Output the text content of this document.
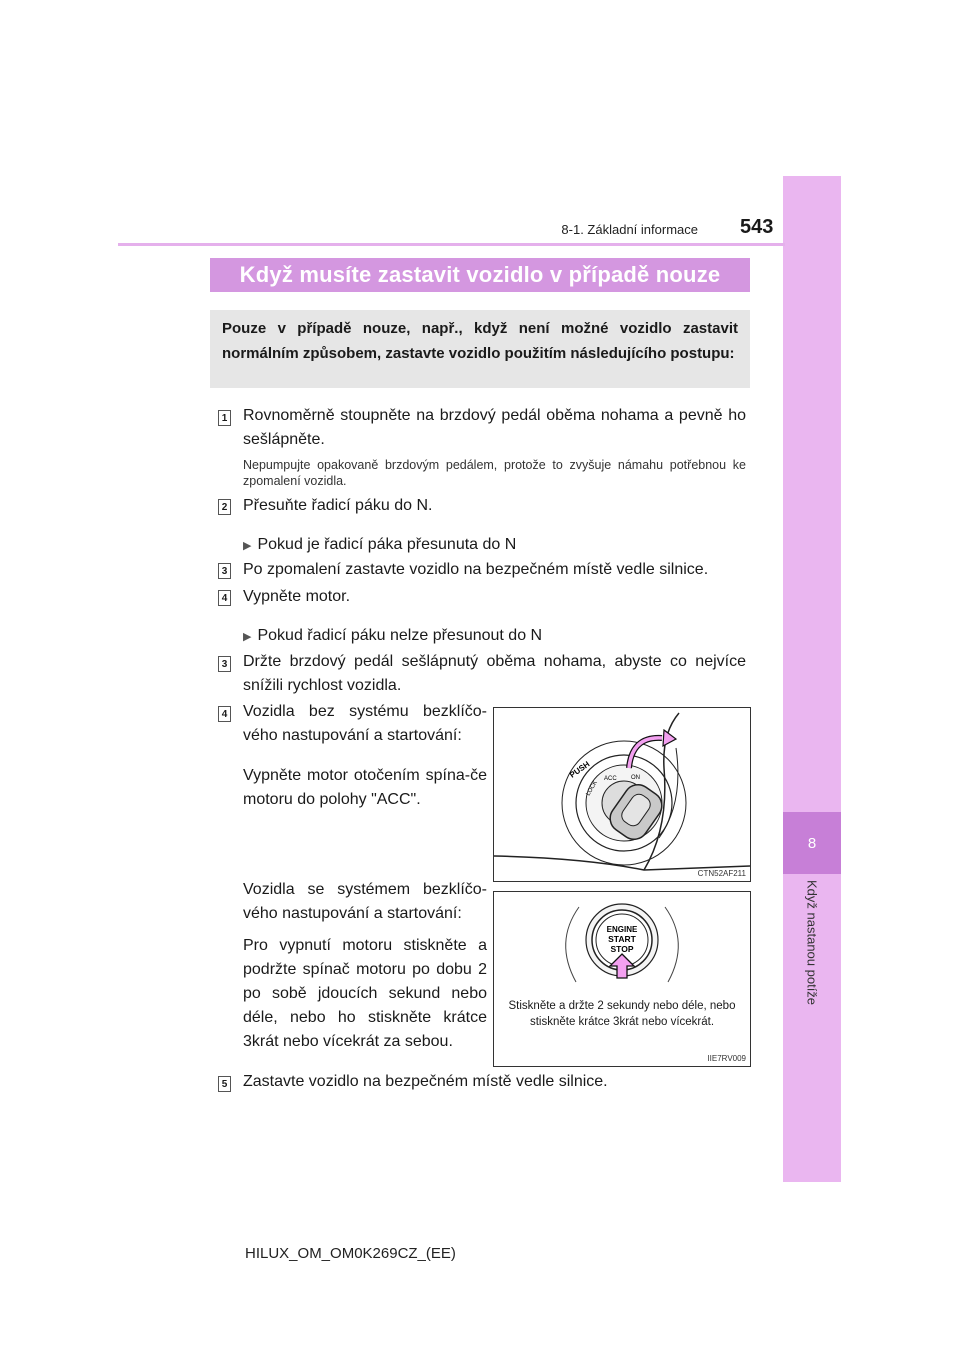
8
Když nastanou potíže
8-1. Základní informace 543
Když musíte zastavit vozidlo v případě nouze
Pouze v případě nouze, např., když není možné vozidlo zastavit normálním způsobem, zastavte vozidlo použitím následujícího postupu:
1 Rovnoměrně stoupněte na brzdový pedál oběma nohama a pevně ho sešlápněte.
Nepumpujte opakovaně brzdovým pedálem, protože to zvyšuje námahu potřebnou ke zpomalení vozidla.
2 Přesuňte řadicí páku do N.
▶ Pokud je řadicí páka přesunuta do N
3 Po zpomalení zastavte vozidlo na bezpečném místě vedle silnice.
4 Vypněte motor.
▶ Pokud řadicí páku nelze přesunout do N
3 Držte brzdový pedál sešlápnutý oběma nohama, abyste co nejvíce snížili rychlost vozidla.
4 Vozidla bez systému bezklíčo-vého nastupování a startování:
Vypněte motor otočením spína-če motoru do polohy "ACC".
Vozidla se systémem bezklíčo-vého nastupování a startování:
Pro vypnutí motoru stiskněte a podržte spínač motoru po dobu 2 po sobě jdoucích sekund nebo déle, nebo ho stiskněte krátce 3krát nebo vícekrát za sebou.
PUSH ACC
LOCK
ON
CTN52AF211
ENGINE
START
STOP
Stiskněte a držte 2 sekundy nebo déle, nebo stiskněte krátce 3krát nebo vícekrát.
IIE7RV009
5 Zastavte vozidlo na bezpečném místě vedle silnice.
HILUX_OM_OM0K269CZ_(EE)
